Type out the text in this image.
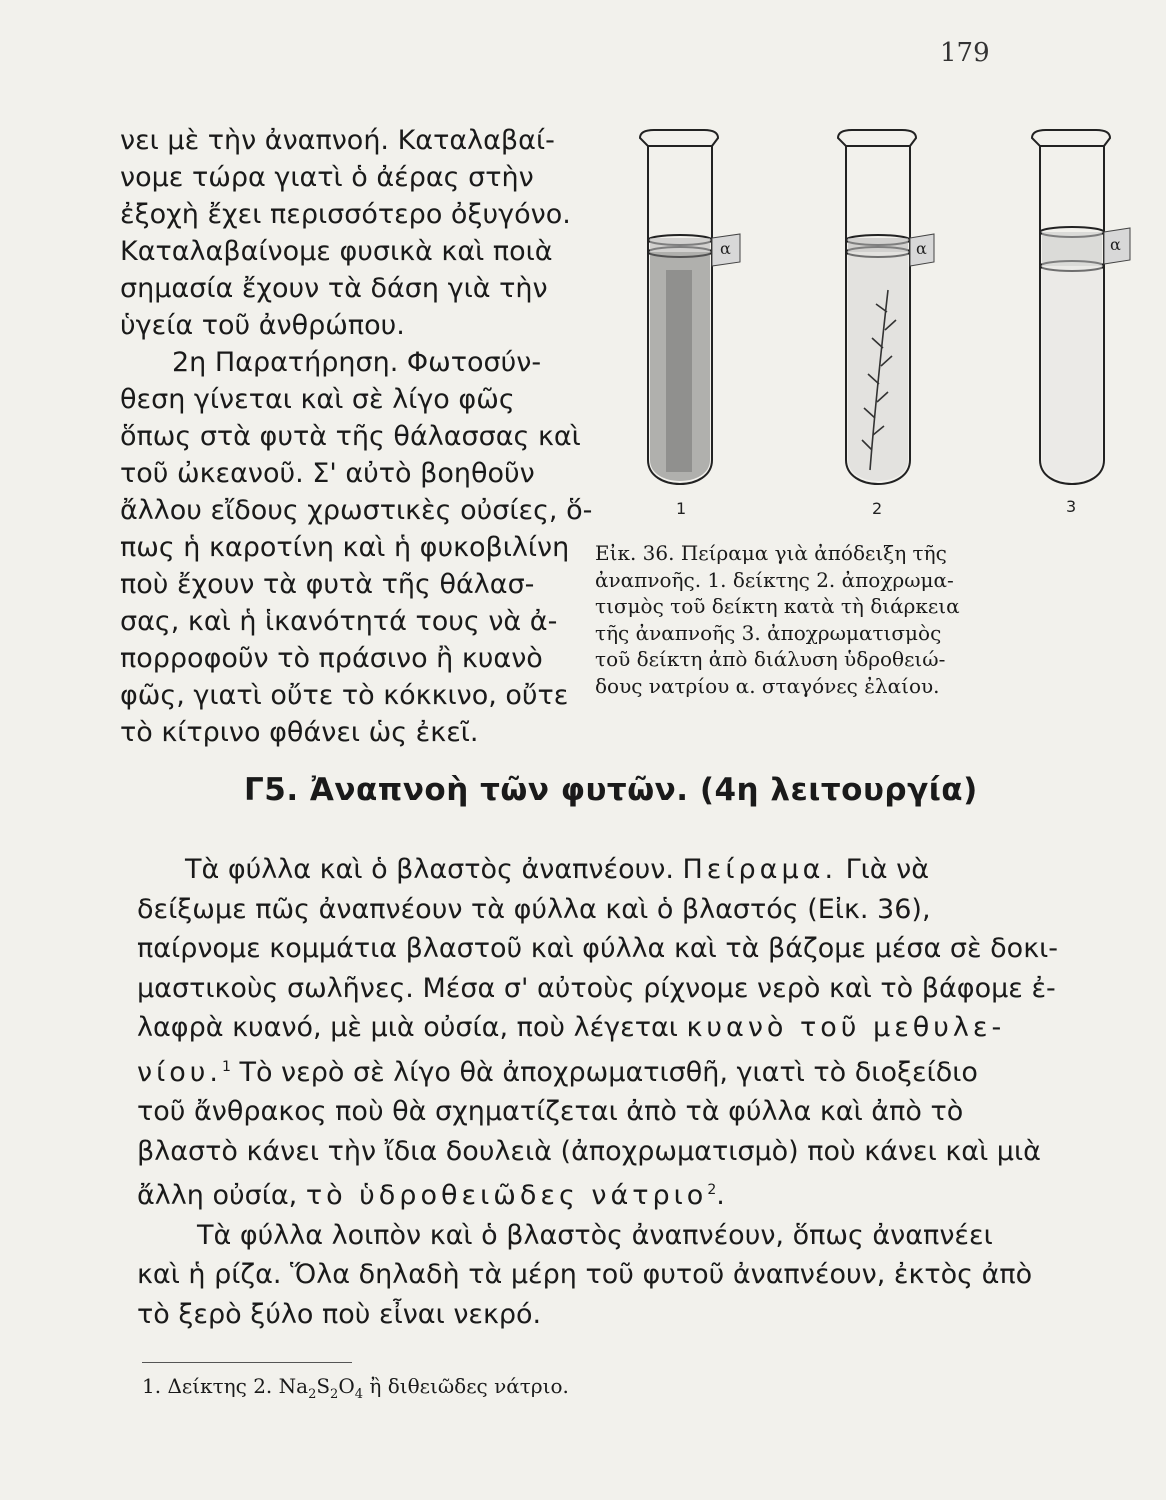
179
νει μὲ τὴν ἀναπνοή. Καταλαβαί-
νομε τώρα γιατὶ ὁ ἀέρας στὴν
ἐξοχὴ ἔχει περισσότερο ὀξυγόνο.
Καταλαβαίνομε φυσικὰ καὶ ποιὰ
σημασία ἔχουν τὰ δάση γιὰ τὴν
ὑγεία τοῦ ἀνθρώπου.
2η Παρατήρηση. Φωτοσύν-
θεση γίνεται καὶ σὲ λίγο φῶς
ὅπως στὰ φυτὰ τῆς θάλασσας καὶ
τοῦ ὠκεανοῦ. Σ' αὐτὸ βοηθοῦν
ἄλλου εἴδους χρωστικὲς οὐσίες, ὅ-
πως ἡ καροτίνη καὶ ἡ φυκοβιλίνη
ποὺ ἔχουν τὰ φυτὰ τῆς θάλασ-
σας, καὶ ἡ ἱκανότητά τους νὰ ἀ-
πορροφοῦν τὸ πράσινο ἢ κυανὸ
φῶς, γιατὶ οὔτε τὸ κόκκινο, οὔτε
τὸ κίτρινο φθάνει ὡς ἐκεῖ.
α	α	α
1	2	3
Εἰκ. 36. Πείραμα γιὰ ἀπόδειξη τῆς
ἀναπνοῆς. 1. δείκτης 2. ἀποχρωμα-
τισμὸς τοῦ δείκτη κατὰ τὴ διάρκεια
τῆς ἀναπνοῆς 3. ἀποχρωματισμὸς
τοῦ δείκτη ἀπὸ διάλυση ὑδροθειώ-
δους νατρίου α. σταγόνες ἐλαίου.
Γ5. Ἀναπνοὴ τῶν φυτῶν. (4η λειτουργία)
Τὰ φύλλα καὶ ὁ βλαστὸς ἀναπνέουν. Πείραμα. Γιὰ νὰ
δείξωμε πῶς ἀναπνέουν τὰ φύλλα καὶ ὁ βλαστός (Εἰκ. 36),
παίρνομε κομμάτια βλαστοῦ καὶ φύλλα καὶ τὰ βάζομε μέσα σὲ δοκι-
μαστικοὺς σωλῆνες. Μέσα σ' αὐτοὺς ρίχνομε νερὸ καὶ τὸ βάφομε ἐ-
λαφρὰ κυανό, μὲ μιὰ οὐσία, ποὺ λέγεται κυανὸ τοῦ μεθυλε-
νίου.$^1$ Τὸ νερὸ σὲ λίγο θὰ ἀποχρωματισθῆ, γιατὶ τὸ διοξείδιο
τοῦ ἄνθρακος ποὺ θὰ σχηματίζεται ἀπὸ τὰ φύλλα καὶ ἀπὸ τὸ
βλαστὸ κάνει τὴν ἴδια δουλειὰ (ἀποχρωματισμὸ) ποὺ κάνει καὶ μιὰ
ἄλλη οὐσία, τὸ ὑδροθειῶδες νάτριο$^2$.
Τὰ φύλλα λοιπὸν καὶ ὁ βλαστὸς ἀναπνέουν, ὅπως ἀναπνέει
καὶ ἡ ρίζα. Ὅλα δηλαδὴ τὰ μέρη τοῦ φυτοῦ ἀναπνέουν, ἐκτὸς ἀπὸ
τὸ ξερὸ ξύλο ποὺ εἶναι νεκρό.
1. Δείκτης 2. $Na_2S_2O_4$ ἢ διθειῶδες νάτριο.
